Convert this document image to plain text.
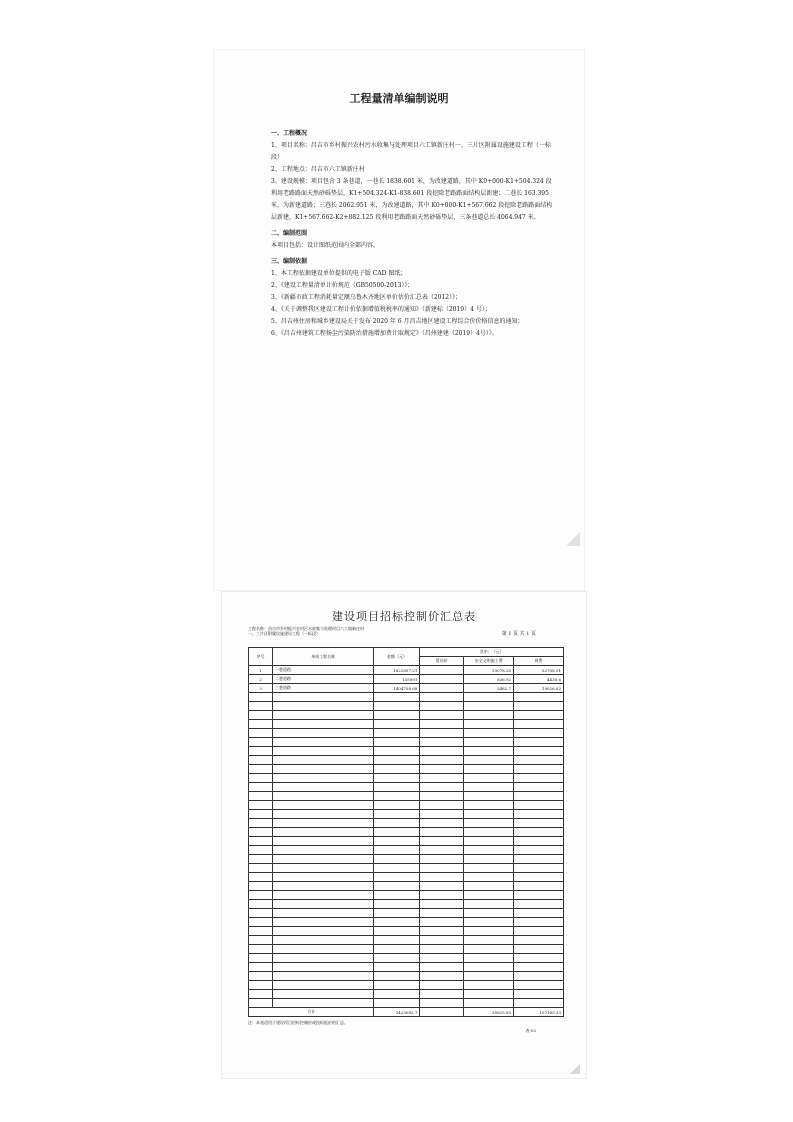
工程量清单编制说明

一、工程概况

1、项目名称：昌吉市乡村振兴农村污水收集与处理项目六工镇新庄村一、三片区附属设施建设工程（一标段）

2、工程地点：昌吉市六工镇新庄村

3、建设规模：项目包含 3 条巷道，一巷长 1838.601 米，为改建道路，其中 K0+000-K1+504.324 段利用老路路面天然砂砾垫层，K1+504.324-K1-838.601 段挖除老路路面结构层新建；二巷长 163.395 米，为新建道路；三巷长 2062.951 米，为改建道路，其中 K0+000-K1+567.662 段挖除老路路面结构层新建，K1+567.662-K2+882.125 段利用老路路面天然砂砾垫层，三条巷道总长 4064.947 米。

二、编制范围

本项目包括：设计图纸范围内全部内容。

三、编制依据

1、本工程依据建设单位提供的电子版 CAD 图纸；

2、《建设工程量清单计价规范（GB50500-2013）》；

3、《新疆市政工程消耗量定额乌鲁木齐地区单价估价汇总表（2012）》；

4、《关于调整我区建设工程计价依据增值税税率的通知》（新建标（2019）4 号）；

5、昌吉州住房和城乡建设局关于发布 2020 年 6 月昌吉地区建设工程综合价价格信息的通知；

6、《昌吉州建筑工程扬尘污染防治措施增加费计取规定》（昌州建建（2019）4号）》。

建设项目招标控制价汇总表
工程名称：昌吉市乡村振兴农村污水收集与处理项目六工镇新庄村一、三片区附属设施建设工程（一标段）	第 1 页 共 1 页
序号	单项工程名称	金额（元）	其中：（元）		
			暂估价	安全文明施工费	规费
1	一巷道路	1822857.21		29078.35	52708.91
2	二巷道路	135091		836.92	4430.6
3	三巷道路	1404758.68		5482.7	19026.02

合计		3423082.7		35825.85	107165.33
注：本表适用于建设项目招标控制价或投标报价的汇总。
表-02
